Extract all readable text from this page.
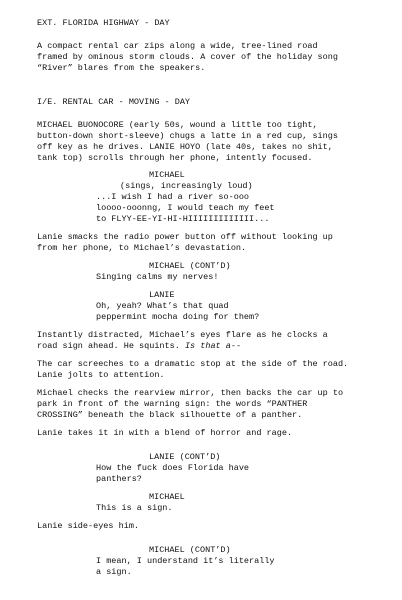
EXT. FLORIDA HIGHWAY - DAY
A compact rental car zips along a wide, tree-lined road
framed by ominous storm clouds. A cover of the holiday song
“River” blares from the speakers.
I/E. RENTAL CAR - MOVING - DAY
MICHAEL BUONOCORE (early 50s, wound a little too tight,
button-down short-sleeve) chugs a latte in a red cup, sings
off key as he drives. LANIE HOYO (late 40s, takes no shit,
tank top) scrolls through her phone, intently focused.
MICHAEL
(sings, increasingly loud)
...I wish I had a river so-ooo
loooo-ooonng, I would teach my feet
to FLYY-EE-YI-HI-HIIIIIIIIIIIII...
Lanie smacks the radio power button off without looking up
from her phone, to Michael’s devastation.
MICHAEL (CONT’D)
Singing calms my nerves!
LANIE
Oh, yeah? What’s that quad
peppermint mocha doing for them?
Instantly distracted, Michael’s eyes flare as he clocks a
road sign ahead. He squints. Is that a--
The car screeches to a dramatic stop at the side of the road.
Lanie jolts to attention.
Michael checks the rearview mirror, then backs the car up to
park in front of the warning sign: the words “PANTHER
CROSSING” beneath the black silhouette of a panther.
Lanie takes it in with a blend of horror and rage.
LANIE (CONT’D)
How the fuck does Florida have
panthers?
MICHAEL
This is a sign.
Lanie side-eyes him.
MICHAEL (CONT’D)
I mean, I understand it’s literally
a sign.
